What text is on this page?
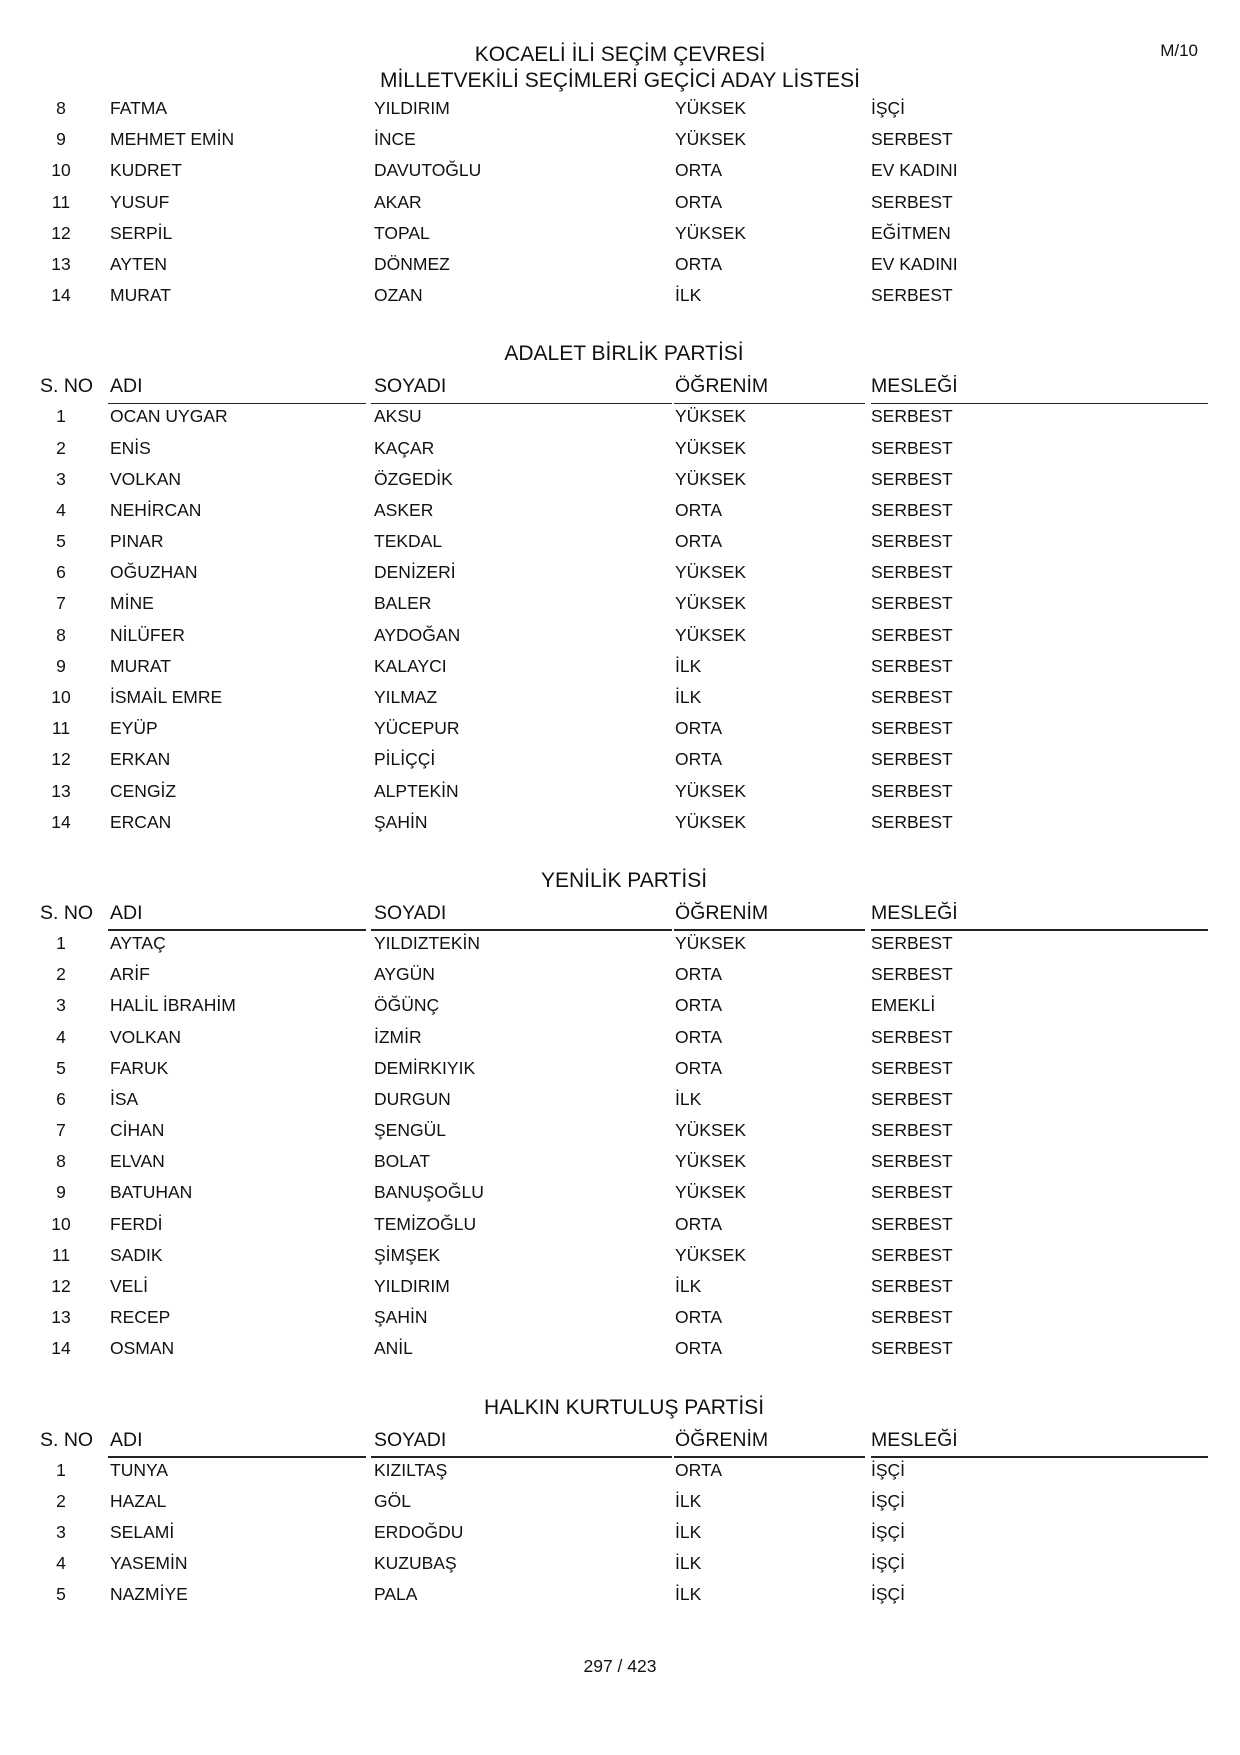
M/10
KOCAELİ İLİ SEÇİM ÇEVRESİ
MİLLETVEKİLİ SEÇİMLERİ GEÇİCİ ADAY LİSTESİ
8	FATMA	YILDIRIM	YÜKSEK	İŞÇİ
9	MEHMET EMİN	İNCE	YÜKSEK	SERBEST
10	KUDRET	DAVUTOĞLU	ORTA	EV KADINI
11	YUSUF	AKAR	ORTA	SERBEST
12	SERPİL	TOPAL	YÜKSEK	EĞİTMEN
13	AYTEN	DÖNMEZ	ORTA	EV KADINI
14	MURAT	OZAN	İLK	SERBEST
ADALET BİRLİK PARTİSİ
S. NO ADI	SOYADI	ÖĞRENİM	MESLEĞİ
1	OCAN UYGAR	AKSU	YÜKSEK	SERBEST
2	ENİS	KAÇAR	YÜKSEK	SERBEST
3	VOLKAN	ÖZGEDİK	YÜKSEK	SERBEST
4	NEHİRCAN	ASKER	ORTA	SERBEST
5	PINAR	TEKDAL	ORTA	SERBEST
6	OĞUZHAN	DENİZERİ	YÜKSEK	SERBEST
7	MİNE	BALER	YÜKSEK	SERBEST
8	NİLÜFER	AYDOĞAN	YÜKSEK	SERBEST
9	MURAT	KALAYCI	İLK	SERBEST
10	İSMAİL EMRE	YILMAZ	İLK	SERBEST
11	EYÜP	YÜCEPUR	ORTA	SERBEST
12	ERKAN	PİLİÇÇİ	ORTA	SERBEST
13	CENGİZ	ALPTEKİN	YÜKSEK	SERBEST
14	ERCAN	ŞAHİN	YÜKSEK	SERBEST
YENİLİK PARTİSİ
S. NO ADI	SOYADI	ÖĞRENİM	MESLEĞİ
1	AYTAÇ	YILDIZTEKİN	YÜKSEK	SERBEST
2	ARİF	AYGÜN	ORTA	SERBEST
3	HALİL İBRAHİM	ÖĞÜNÇ	ORTA	EMEKLİ
4	VOLKAN	İZMİR	ORTA	SERBEST
5	FARUK	DEMİRKIYIK	ORTA	SERBEST
6	İSA	DURGUN	İLK	SERBEST
7	CİHAN	ŞENGÜL	YÜKSEK	SERBEST
8	ELVAN	BOLAT	YÜKSEK	SERBEST
9	BATUHAN	BANUŞOĞLU	YÜKSEK	SERBEST
10	FERDİ	TEMİZOĞLU	ORTA	SERBEST
11	SADIK	ŞİMŞEK	YÜKSEK	SERBEST
12	VELİ	YILDIRIM	İLK	SERBEST
13	RECEP	ŞAHİN	ORTA	SERBEST
14	OSMAN	ANİL	ORTA	SERBEST
HALKIN KURTULUŞ PARTİSİ
S. NO ADI	SOYADI	ÖĞRENİM	MESLEĞİ
1	TUNYA	KIZILTAŞ	ORTA	İŞÇİ
2	HAZAL	GÖL	İLK	İŞÇİ
3	SELAMİ	ERDOĞDU	İLK	İŞÇİ
4	YASEMİN	KUZUBAŞ	İLK	İŞÇİ
5	NAZMİYE	PALA	İLK	İŞÇİ
297 / 423
